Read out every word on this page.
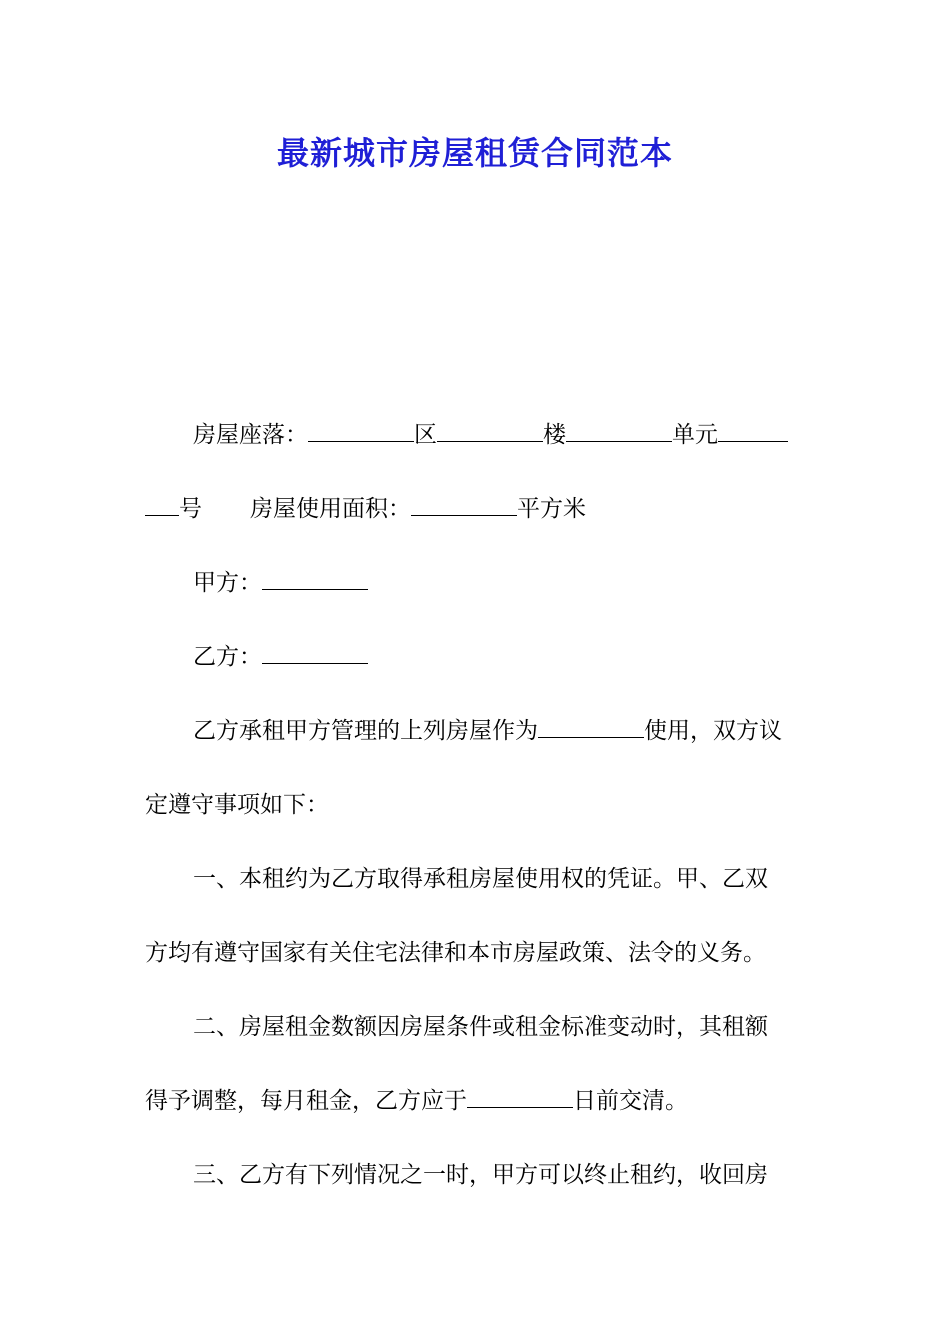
最新城市房屋租赁合同范本
房屋座落：	区	楼	单元
号 房屋使用面积：	平方米
甲方：
乙方：
乙方承租甲方管理的上列房屋作为	使用，双方议
定遵守事项如下：
一、本租约为乙方取得承租房屋使用权的凭证。甲、乙双
方均有遵守国家有关住宅法律和本市房屋政策、法令的义务。
二、房屋租金数额因房屋条件或租金标准变动时，其租额
得予调整，每月租金，乙方应于	日前交清。
三、乙方有下列情况之一时，甲方可以终止租约，收回房
